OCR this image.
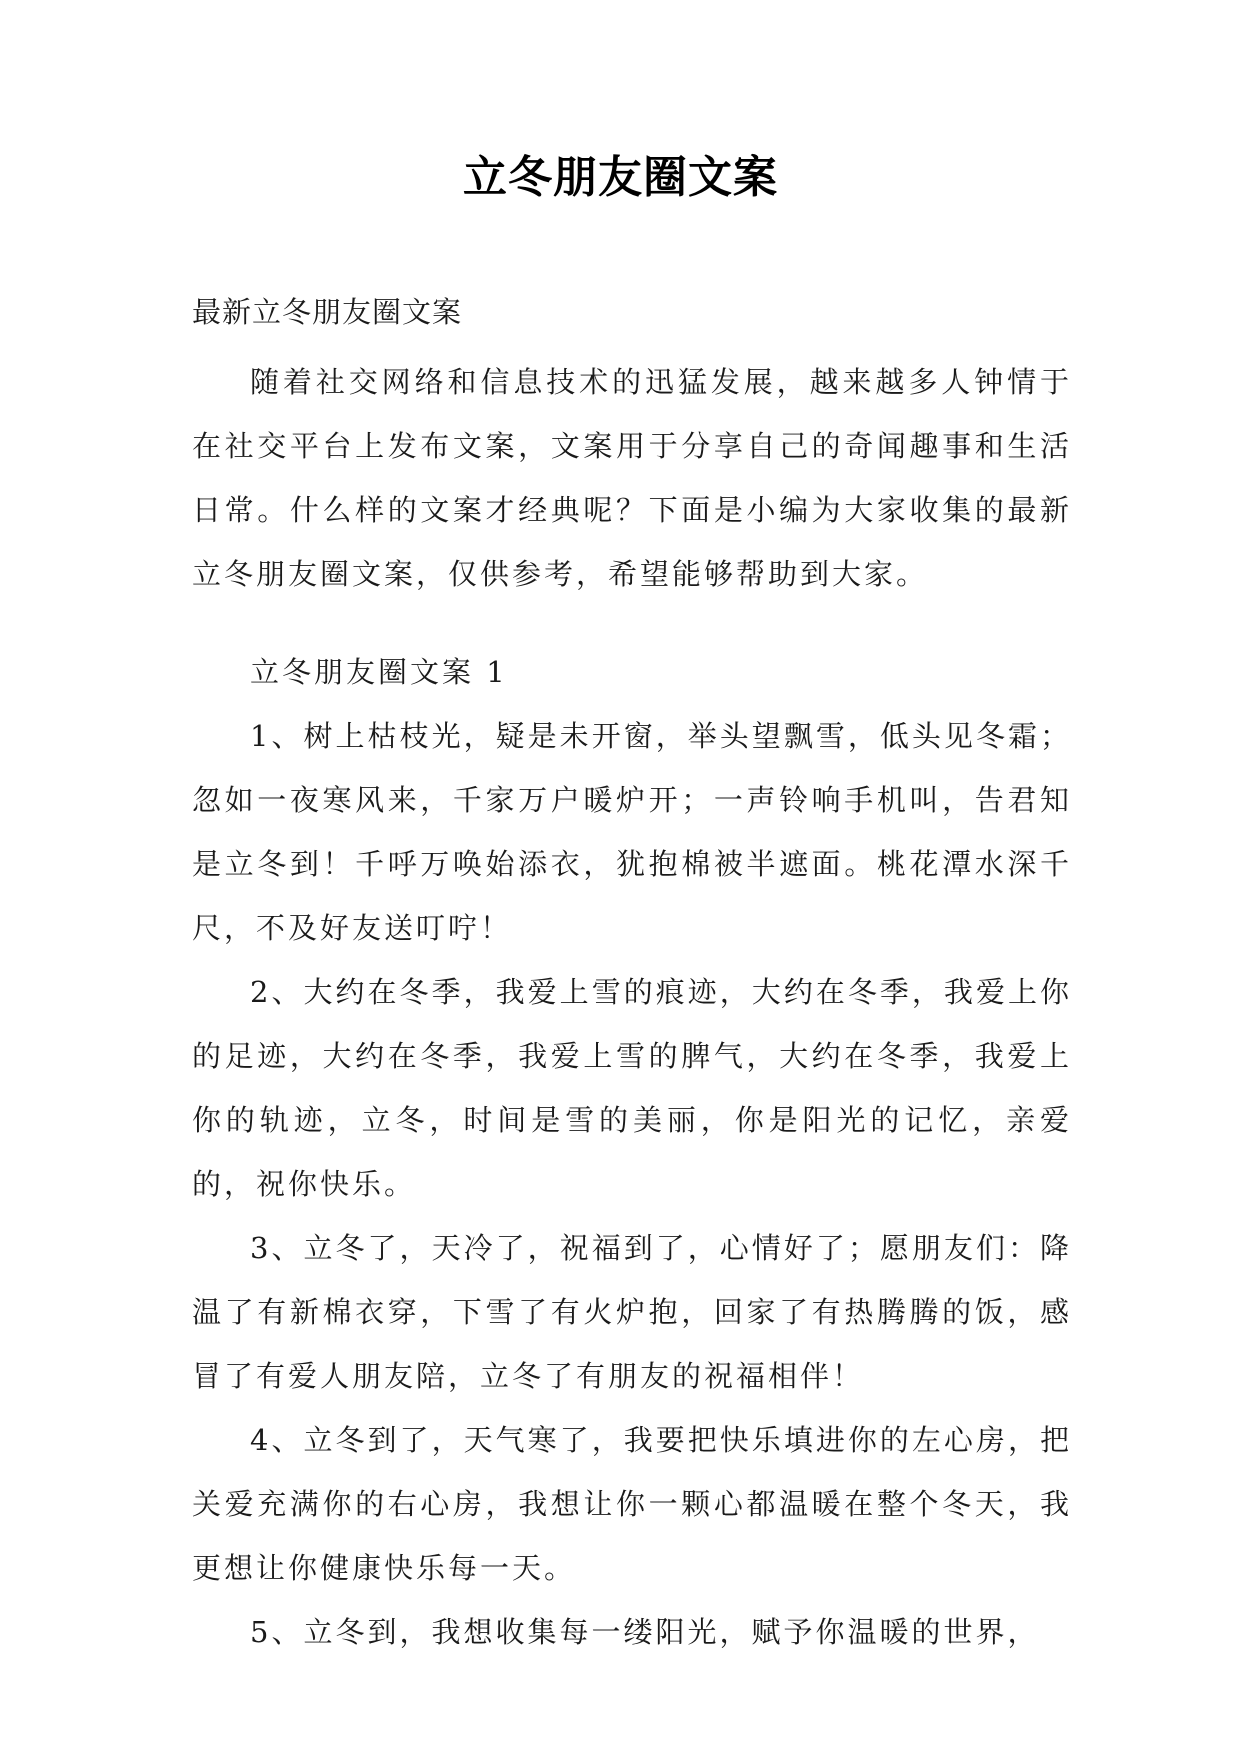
立冬朋友圈文案
最新立冬朋友圈文案

随着社交网络和信息技术的迅猛发展，越来越多人钟情于在社交平台上发布文案，文案用于分享自己的奇闻趣事和生活日常。什么样的文案才经典呢？下面是小编为大家收集的最新立冬朋友圈文案，仅供参考，希望能够帮助到大家。

立冬朋友圈文案 1

1、树上枯枝光，疑是未开窗，举头望飘雪，低头见冬霜；忽如一夜寒风来，千家万户暖炉开；一声铃响手机叫，告君知是立冬到！千呼万唤始添衣，犹抱棉被半遮面。桃花潭水深千尺，不及好友送叮咛！

2、大约在冬季，我爱上雪的痕迹，大约在冬季，我爱上你的足迹，大约在冬季，我爱上雪的脾气，大约在冬季，我爱上你的轨迹，立冬，时间是雪的美丽，你是阳光的记忆，亲爱的，祝你快乐。

3、立冬了，天冷了，祝福到了，心情好了；愿朋友们：降温了有新棉衣穿，下雪了有火炉抱，回家了有热腾腾的饭，感冒了有爱人朋友陪，立冬了有朋友的祝福相伴！

4、立冬到了，天气寒了，我要把快乐填进你的左心房，把关爱充满你的右心房，我想让你一颗心都温暖在整个冬天，我更想让你健康快乐每一天。

5、立冬到，我想收集每一缕阳光，赋予你温暖的世界，
